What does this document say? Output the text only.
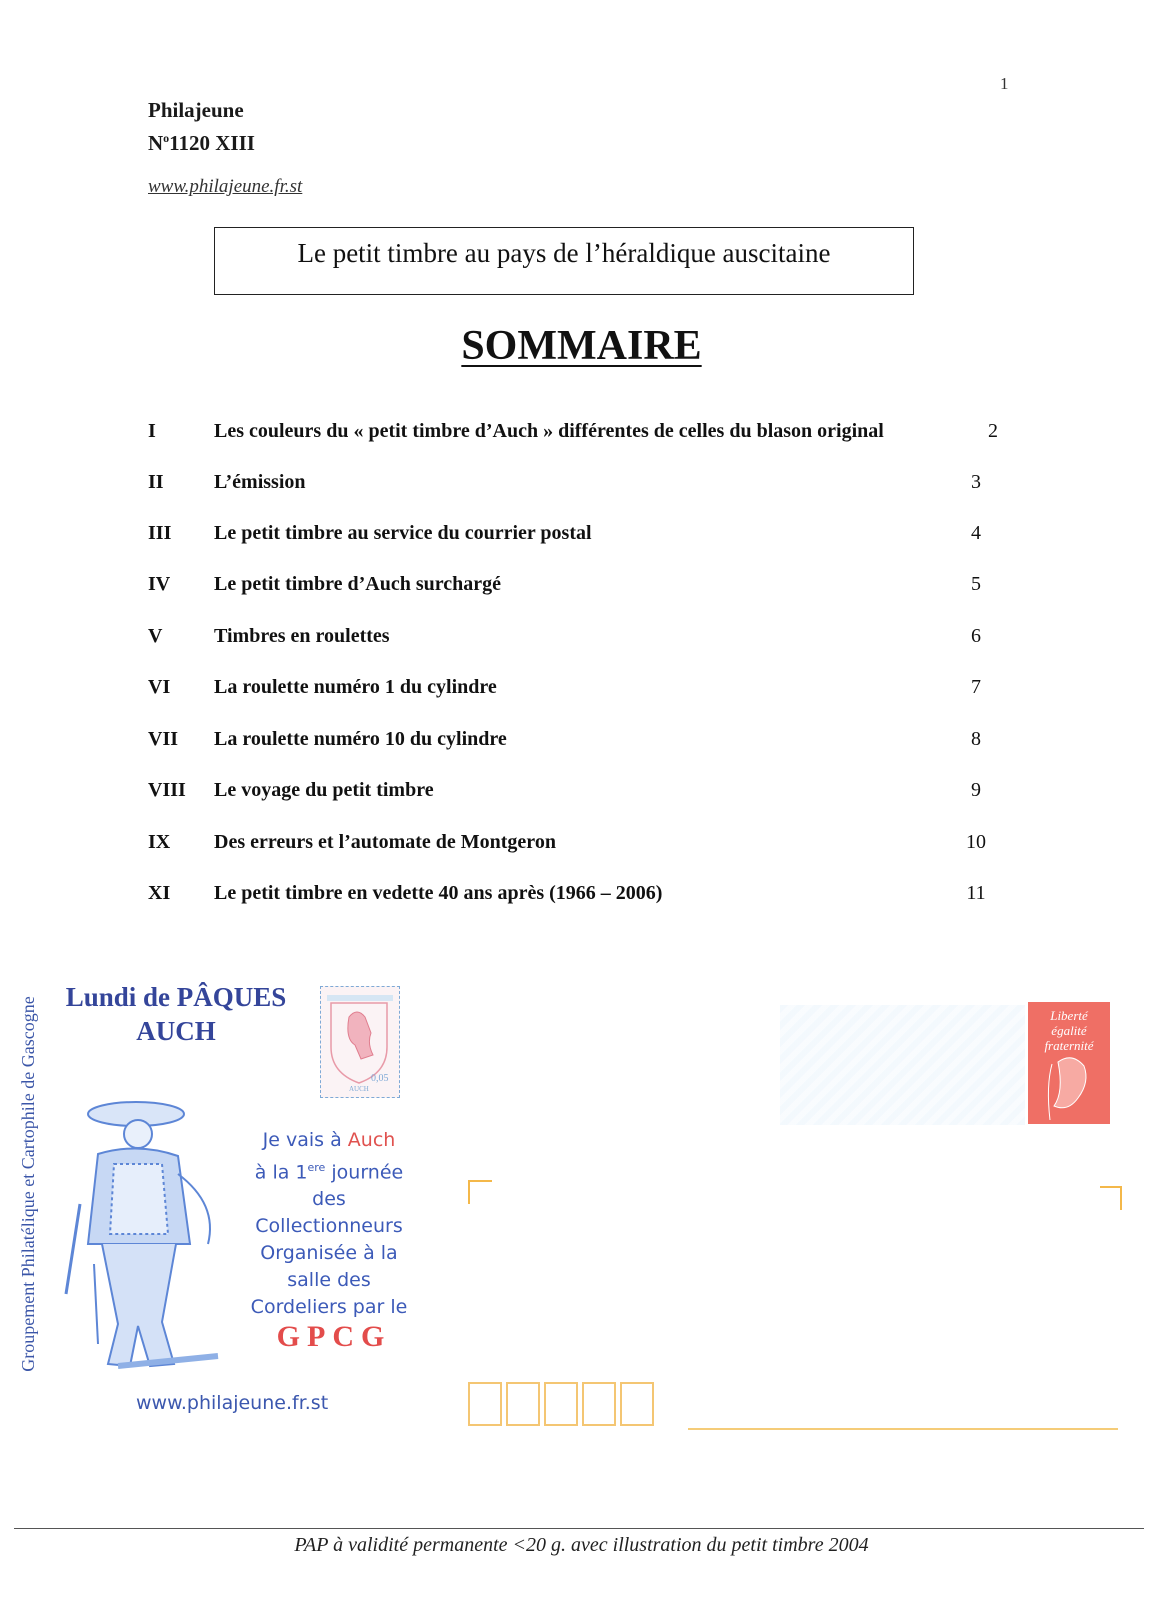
1
Philajeune
$N^o1120$ XIII
www.philajeune.fr.st
Le petit timbre au pays de l’héraldique auscitaine
SOMMAIRE
I	Les couleurs du « petit timbre d’Auch » différentes de celles du blason original	2
II	L’émission	3
III Le petit timbre au service du courrier postal	4
IV Le petit timbre d’Auch surchargé	5
V	Timbres en roulettes	6
VI La roulette numéro 1 du cylindre	7
VII La roulette numéro 10 du cylindre	8
VIII Le voyage du petit timbre	9
IX Des erreurs et l’automate de Montgeron	10
XI Le petit timbre en vedette 40 ans après (1966 – 2006)	11
Groupement Philatélique et Cartophile de Gascogne	Lundi de PÂQUES
AUCH
0,05
AUCH
Je vais à Auch
à la 1ere journée
des
Collectionneurs
Organisée à la
salle des
Cordeliers par le
GPCG
www.philajeune.fr.st
Liberté
égalité
fraternité
PAP à validité permanente <20 g. avec illustration du petit timbre 2004
